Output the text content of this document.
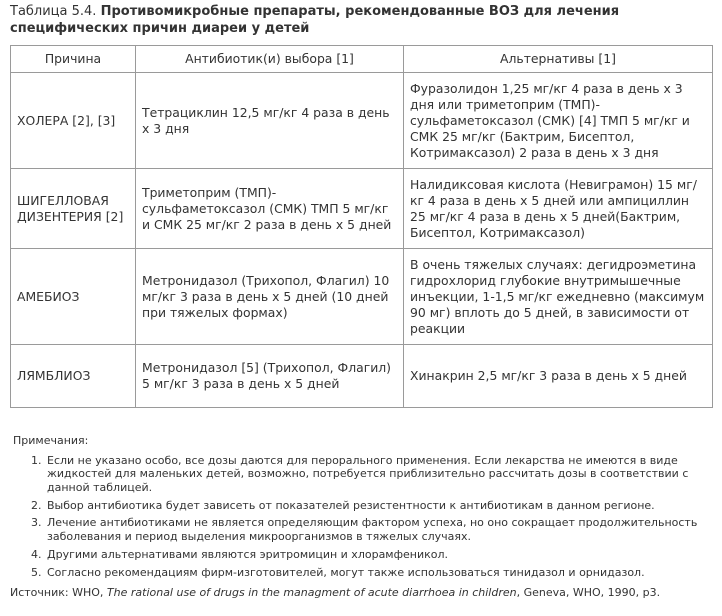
Таблица 5.4. Противомикробные препараты, рекомендованные ВОЗ для лечения специфических причин диареи у детей
Причина	Антибиотик(и) выбора [1]	Альтернативы [1]
ХОЛЕРА [2], [3]	Тетрациклин 12,5 мг/кг 4 раза в день x 3 дня	Фуразолидон 1,25 мг/кг 4 раза в день x 3 дня или триметоприм (ТМП)-сульфаметоксазол (СМК) [4] ТМП 5 мг/кг и СМК 25 мг/кг (Бактрим, Бисептол, Котримаксазол) 2 раза в день x 3 дня
ШИГЕЛЛОВАЯ ДИЗЕНТЕРИЯ [2]	Триметоприм (ТМП)-сульфаметоксазол (СМК) ТМП 5 мг/кг и СМК 25 мг/кг 2 раза в день x 5 дней	Налидиксовая кислота (Невиграмон) 15 мг/кг 4 раза в день x 5 дней или ампициллин 25 мг/кг 4 раза в день x 5 дней(Бактрим, Бисептол, Котримаксазол)
АМЕБИОЗ	Метронидазол (Трихопол, Флагил) 10 мг/кг 3 раза в день x 5 дней (10 дней при тяжелых формах)	В очень тяжелых случаях: дегидроэметина гидрохлорид глубокие внутримышечные инъекции, 1-1,5 мг/кг ежедневно (максимум 90 мг) вплоть до 5 дней, в зависимости от реакции
ЛЯМБЛИОЗ	Метронидазол [5] (Трихопол, Флагил) 5 мг/кг 3 раза в день x 5 дней	Хинакрин 2,5 мг/кг 3 раза в день x 5 дней
Примечания:
1. Если не указано особо, все дозы даются для перорального применения. Если лекарства не имеются в виде жидкостей для маленьких детей, возможно, потребуется приблизительно рассчитать дозы в соответствии с данной таблицей.
2. Выбор антибиотика будет зависеть от показателей резистентности к антибиотикам в данном регионе.
3. Лечение антибиотиками не является определяющим фактором успеха, но оно сокращает продолжительность заболевания и период выделения микроорганизмов в тяжелых случаях.
4. Другими альтернативами являются эритромицин и хлорамфеникол.
5. Согласно рекомендациям фирм-изготовителей, могут также использоваться тинидазол и орнидазол.
Источник: WHO, The rational use of drugs in the managment of acute diarrhoea in children, Geneva, WHO, 1990, p3.
